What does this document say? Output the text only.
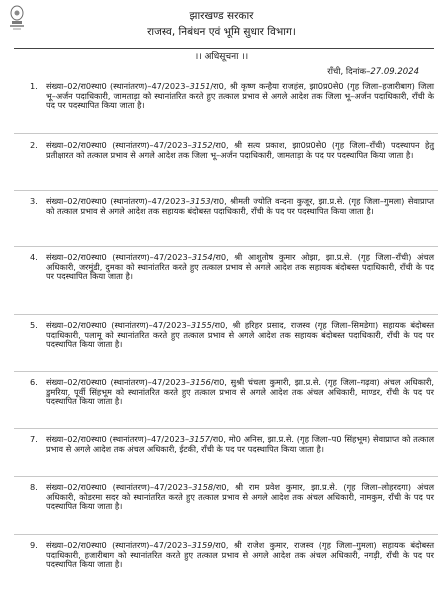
झारखण्ड सरकार
राजस्व, निबंधन एवं भूमि सुधार विभाग।
।। अधिसूचना ।।
राँची, दिनांक–27.09.2024
1. संख्या–02/रा0स्था0 (स्थानांतरण)–47/2023–3151/रा0, श्री कृष्ण कन्हैया राजहंस, झा0प्र0से0 (गृह जिला–हजारीबाग) जिला भू–अर्जन पदाधिकारी, जामताड़ा को स्थानांतरित करते हुए तत्काल प्रभाव से अगले आदेश तक जिला भू–अर्जन पदाधिकारी, राँची के पद पर पदस्थापित किया जाता है।
2. संख्या–02/रा0स्था0 (स्थानांतरण)–47/2023–3152/रा0, श्री सत्य प्रकाश, झा0प्र0से0 (गृह जिला–राँची) पदस्थापन हेतु प्रतीक्षारत को तत्काल प्रभाव से अगले आदेश तक जिला भू–अर्जन पदाधिकारी, जामताड़ा के पद पर पदस्थापित किया जाता है।
3. संख्या–02/रा0स्था0 (स्थानांतरण)–47/2023–3153/रा0, श्रीमती ज्योति वन्दना कुजूर, झा.प्र.से. (गृह जिला–गुमला) सेवाप्राप्त को तत्काल प्रभाव से अगले आदेश तक सहायक बंदोबस्त पदाधिकारी, राँची के पद पर पदस्थापित किया जाता है।
4. संख्या–02/रा0स्था0 (स्थानांतरण)–47/2023–3154/रा0, श्री आशुतोष कुमार ओझा, झा.प्र.से. (गृह जिला–राँची) अंचल अधिकारी, जरमुंडी, दुमका को स्थानांतरित करते हुए तत्काल प्रभाव से अगले आदेश तक सहायक बंदोबस्त पदाधिकारी, राँची के पद पर पदस्थापित किया जाता है।
5. संख्या–02/रा0स्था0 (स्थानांतरण)–47/2023–3155/रा0, श्री हरिहर प्रसाद, राजस्व (गृह जिला–सिमडेगा) सहायक बंदोबस्त पदाधिकारी, पलामू को स्थानांतरित करते हुए तत्काल प्रभाव से अगले आदेश तक सहायक बंदोबस्त पदाधिकारी, राँची के पद पर पदस्थापित किया जाता है।
6. संख्या–02/रा0स्था0 (स्थानांतरण)–47/2023–3156/रा0, सुश्री चंचला कुमारी, झा.प्र.से. (गृह जिला–गढ़वा) अंचल अधिकारी, डुमरिया, पूर्वी सिंहभूम को स्थानांतरित करते हुए तत्काल प्रभाव से अगले आदेश तक अंचल अधिकारी, माण्डर, राँची के पद पर पदस्थापित किया जाता है।
7. संख्या–02/रा0स्था0 (स्थानांतरण)–47/2023–3157/रा0, मो0 अनिस, झा.प्र.से. (गृह जिला–प0 सिंहभूम) सेवाप्राप्त को तत्काल प्रभाव से अगले आदेश तक अंचल अधिकारी, ईटकी, राँची के पद पर पदस्थापित किया जाता है।
8. संख्या–02/रा0स्था0 (स्थानांतरण)–47/2023–3158/रा0, श्री राम प्रवेश कुमार, झा.प्र.से. (गृह जिला–लोहरदगा) अंचल अधिकारी, कोडरमा सदर को स्थानांतरित करते हुए तत्काल प्रभाव से अगले आदेश तक अंचल अधिकारी, नामकुम, राँची के पद पर पदस्थापित किया जाता है।
9. संख्या–02/रा0स्था0 (स्थानांतरण)–47/2023–3159/रा0, श्री राजेश कुमार, राजस्व (गृह जिला–गुमला) सहायक बंदोबस्त पदाधिकारी, हजारीबाग को स्थानांतरित करते हुए तत्काल प्रभाव से अगले आदेश तक अंचल अधिकारी, नगड़ी, राँची के पद पर पदस्थापित किया जाता है।
